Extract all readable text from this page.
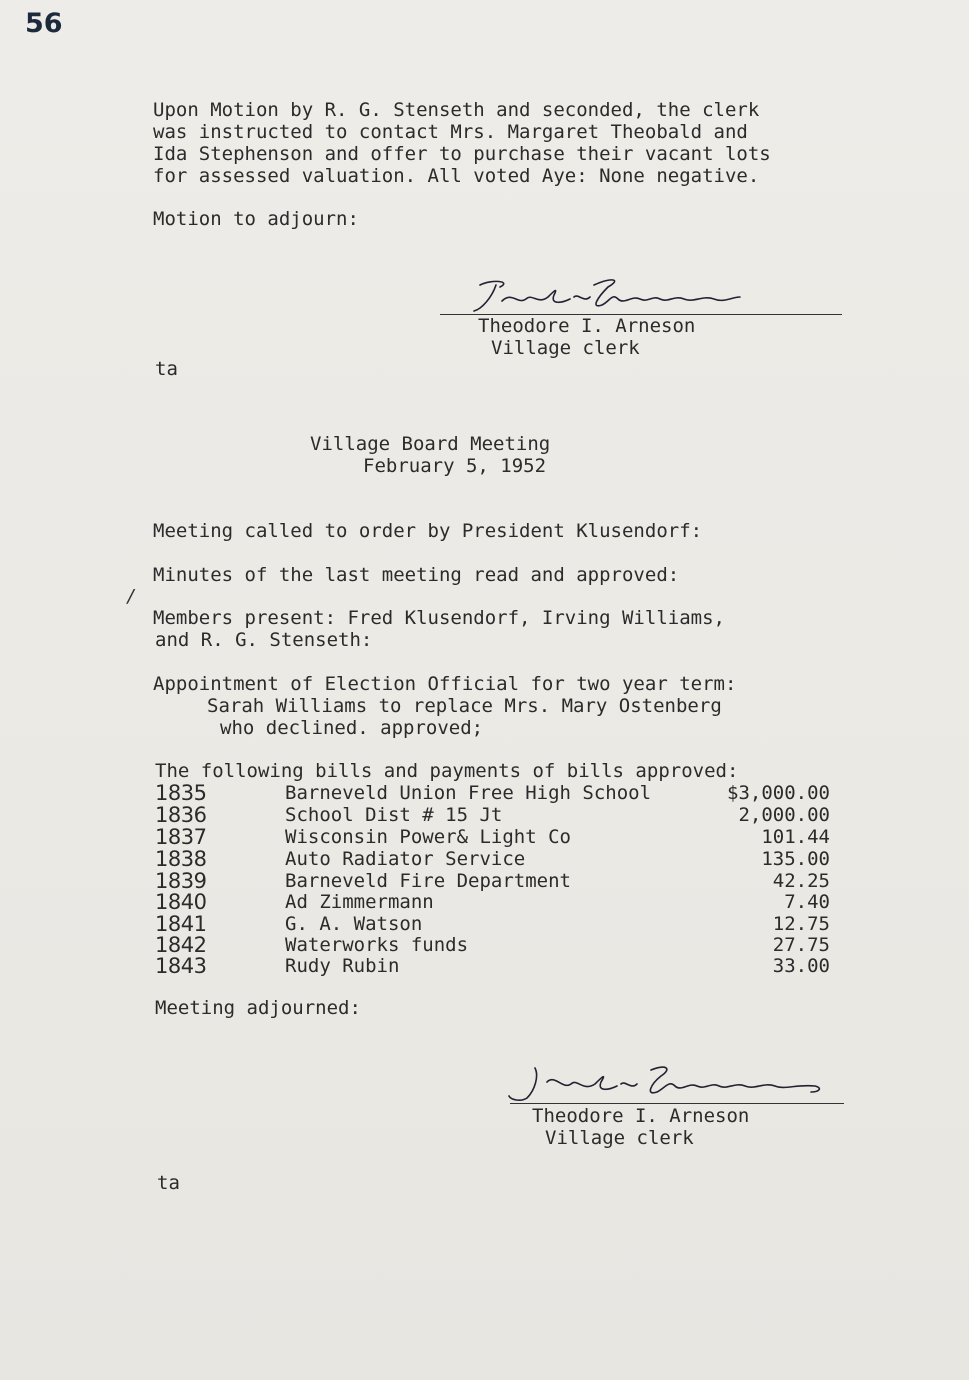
56

Upon Motion by R. G. Stenseth and seconded, the clerk
was instructed to contact Mrs. Margaret Theobald and
Ida Stephenson and offer to purchase their vacant lots
for assessed valuation. All voted Aye: None negative.

Motion to adjourn:

Theodore I. Arneson

Village clerk

ta

Village Board Meeting

February 5, 1952

Meeting called to order by President Klusendorf:

Minutes of the last meeting read and approved:

/

Members present: Fred Klusendorf, Irving Williams,

and R. G. Stenseth:

Appointment of Election Official for two year term:

Sarah Williams to replace Mrs. Mary Ostenberg

who declined. approved;

The following bills and payments of bills approved:

1835	Barneveld Union Free High School	$3,000.00
1836	School Dist # 15 Jt	2,000.00
1837	Wisconsin Power& Light Co	101.44
1838	Auto Radiator Service	135.00
1839	Barneveld Fire Department	42.25
1840	Ad Zimmermann	7.40
1841	G. A. Watson	12.75
1842	Waterworks funds	27.75
1843	Rudy Rubin	33.00

Meeting adjourned:

Theodore I. Arneson

Village clerk

ta
